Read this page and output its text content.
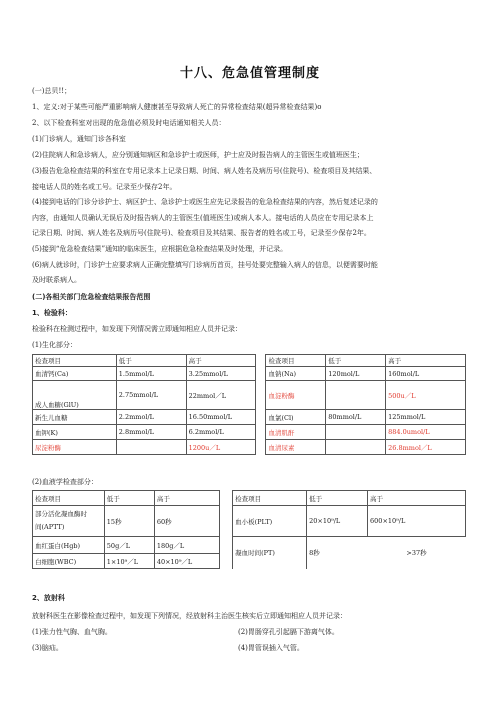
十八、危急值管理制度
(一)总贝!!；
1、定义:对于某些可能严重影响病人健康甚至导致病人死亡的异常检查结果(超异常检查结果)o
2、以下检查科室对出现的危急值必须及时电话通知相关人员：
(1)门诊病人，通知门诊各科室
(2)住院病人和急诊病人，应分别通知病区和急诊护士或医师，护士应及时报告病人的主管医生或值班医生；
(3)报告危急检查结果的科室在专用记录本上记录日期、时间、病人姓名及病历号(住院号)、检查项目及其结果、
接电话人员的姓名或工号。记录至少保存2年。
(4)接到电话的门诊分诊护士、病区护士、急诊护士或医生应先记录报告的危急检查结果的内容，然后复述记录的
内容，由通知人员确认无误后及时报告病人的主管医生(值班医生)或病人本人。接电话的人员应在专用记录本上
记录日期、时间、病人姓名及病历号(住院号)、检查项目及其结果、报告者的姓名或工号，记录至少保存2年。
(5)接到“危急检查结果”通知的临床医生，应根据危急检查结果及时处理，并记录。
(6)病人就诊时，门诊护士应要求病人正确完整填写门诊病历首页，挂号处要完整输入病人的信息，以便需要时能
及时联系病人。
(二)各相关部门危急检查结果报告范围
1、检验科：
检验科在检测过程中，如发现下列情况需立即通知相应人员并记录：
(1)生化部分：
检查项目	低于	高于		检查项目	低于	高于
血清钙(Ca)	1.5mmol/L	3.25mmol/L		血钠(Na)	120mol/L	160mol/L
成人血糖(GlU)	2.75mmol/L	22mmol／L		血淀粉酶		500u／L
新生儿血糖	2.2mmol/L	16.50mmol/L		血氯(Cl)	80mmol/L	125mmol/L
血钾(K)	2.8mmol/L	6.2mmol/L		血清肌酐		884.0umol/L
尿淀粉酶		1200u／L		血清尿素		26.8mmol／L
(2)血液学检查部分：
检查项目	低于	高于		检查项目	低于	高于
部分活化凝血酶时
间(APTT)	15秒	60秒		血小板(PLT)	20×10⁹/L	600×10⁹/L
血红蛋白(Hgb)	50g／L	180g／L		凝血时间(PT)	8秒	>37秒
白细胞(WBC)	1×10⁹／L	40×10⁹／L				
2、放射科
放射科医生在影像检查过程中，如发现下列情况，经放射科主治医生核实后立即通知相应人员并记录：
(1)张力性气胸、血气胸。	(2)胃肠穿孔引起膈下游离气体。
(3)脑疝。	(4)胃管误插入气管。
